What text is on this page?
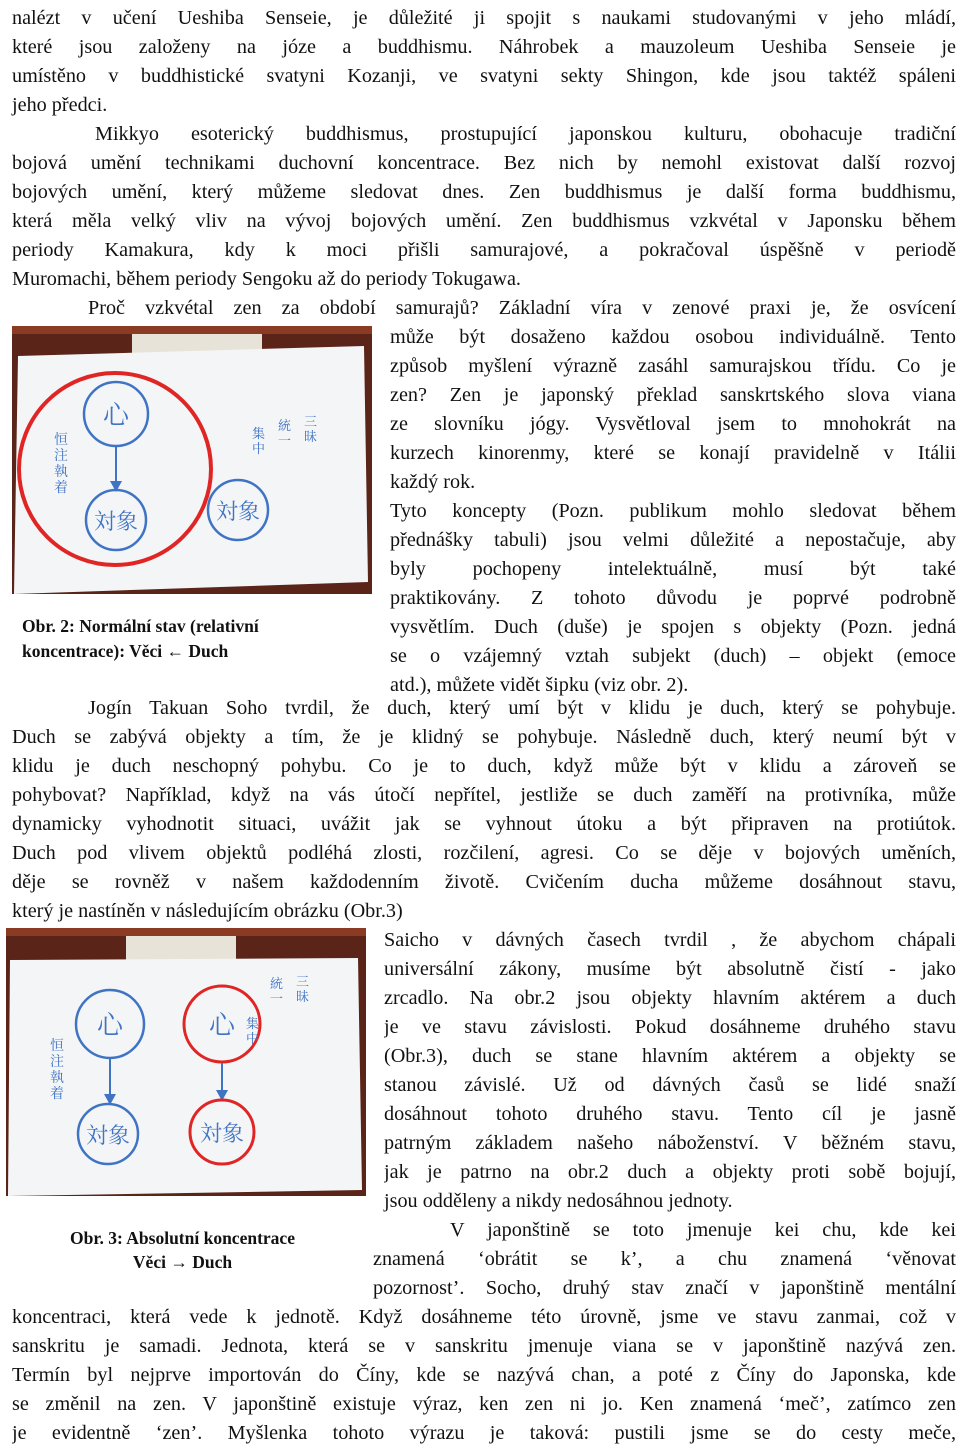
nalézt v učení Ueshiba Senseie, je důležité ji spojit s naukami studovanými v jeho mládí,
které jsou založeny na józe a buddhismu. Náhrobek a mauzoleum Ueshiba Senseie je
umístěno v buddhistické svatyni Kozanji, ve svatyni sekty Shingon, kde jsou taktéž spáleni
jeho předci.
Mikkyo esoterický buddhismus, prostupující japonskou kulturu, obohacuje tradiční
bojová umění technikami duchovní koncentrace. Bez nich by nemohl existovat další rozvoj
bojových umění, který můžeme sledovat dnes. Zen buddhismus je další forma buddhismu,
která měla velký vliv na vývoj bojových umění. Zen buddhismus vzkvétal v Japonsku během
periody Kamakura, kdy k moci přišli samurajové, a pokračoval úspěšně v periodě
Muromachi, během periody Sengoku až do periody Tokugawa.
Proč vzkvétal zen za období samurajů? Základní víra v zenové praxi je, že osvícení
může být dosaženo každou osobou individuálně. Tento
způsob myšlení výrazně zasáhl samurajskou třídu. Co je
zen? Zen je japonský překlad sanskrtského slova viana
ze slovníku jógy. Vysvětloval jsem to mnohokrát na
kurzech kinorenmy, které se konají pravidelně v Itálii
každý rok.
Tyto koncepty (Pozn. publikum mohlo sledovat během
přednášky tabuli) jsou velmi důležité a nepostačuje, aby
byly pochopeny intelektuálně, musí být také
praktikovány. Z tohoto důvodu je poprvé podrobně
vysvětlím. Duch (duše) je spojen s objekty (Pozn. jedná
se o vzájemný vztah subjekt (duch) – objekt (emoce
atd.), můžete vidět šipku (viz obr. 2).
心
対象	対象
恒
注
執
着
集
中
統
一
三
昧
Obr. 2: Normální stav (relativní
koncentrace): Věci ← Duch
Jogín Takuan Soho tvrdil, že duch, který umí být v klidu je duch, který se pohybuje.
Duch se zabývá objekty a tím, že je klidný se pohybuje. Následně duch, který neumí být v
klidu je duch neschopný pohybu. Co je to duch, když může být v klidu a zároveň se
pohybovat? Například, když na vás útočí nepřítel, jestliže se duch zaměří na protivníka, může
dynamicky vyhodnotit situaci, uvážit jak se vyhnout útoku a být připraven na protiútok.
Duch pod vlivem objektů podléhá zlosti, rozčilení, agresi. Co se děje v bojových uměních,
děje se rovněž v našem každodenním životě. Cvičením ducha můžeme dosáhnout stavu,
který je nastíněn v následujícím obrázku (Obr.3)
心	心
対象	対象
恒
注
執
着
集
中
統
一
三
昧
Obr. 3: Absolutní koncentrace
Věci → Duch
Saicho v dávných časech tvrdil , že abychom chápali
universální zákony, musíme být absolutně čistí - jako
zrcadlo. Na obr.2 jsou objekty hlavním aktérem a duch
je ve stavu závislosti. Pokud dosáhneme druhého stavu
(Obr.3), duch se stane hlavním aktérem a objekty se
stanou závislé. Už od dávných časů se lidé snaží
dosáhnout tohoto druhého stavu. Tento cíl je jasně
patrným základem našeho náboženství. V běžném stavu,
jak je patrno na obr.2 duch a objekty proti sobě bojují,
jsou odděleny a nikdy nedosáhnou jednoty.
V japonštině se toto jmenuje kei chu, kde kei
znamená ‘obrátit se k’, a chu znamená ‘věnovat
pozornost’. Socho, druhý stav značí v japonštině mentální
koncentraci, která vede k jednotě. Když dosáhneme této úrovně, jsme ve stavu zanmai, což v
sanskritu je samadi. Jednota, která se v sanskritu jmenuje viana se v japonštině nazývá zen.
Termín byl nejprve importován do Číny, kde se nazývá chan, a poté z Číny do Japonska, kde
se změnil na zen. V japonštině existuje výraz, ken zen ni jo. Ken znamená ‘meč’, zatímco zen
je evidentně ‘zen’. Myšlenka tohoto výrazu je taková: pustili jsme se do cesty meče,
